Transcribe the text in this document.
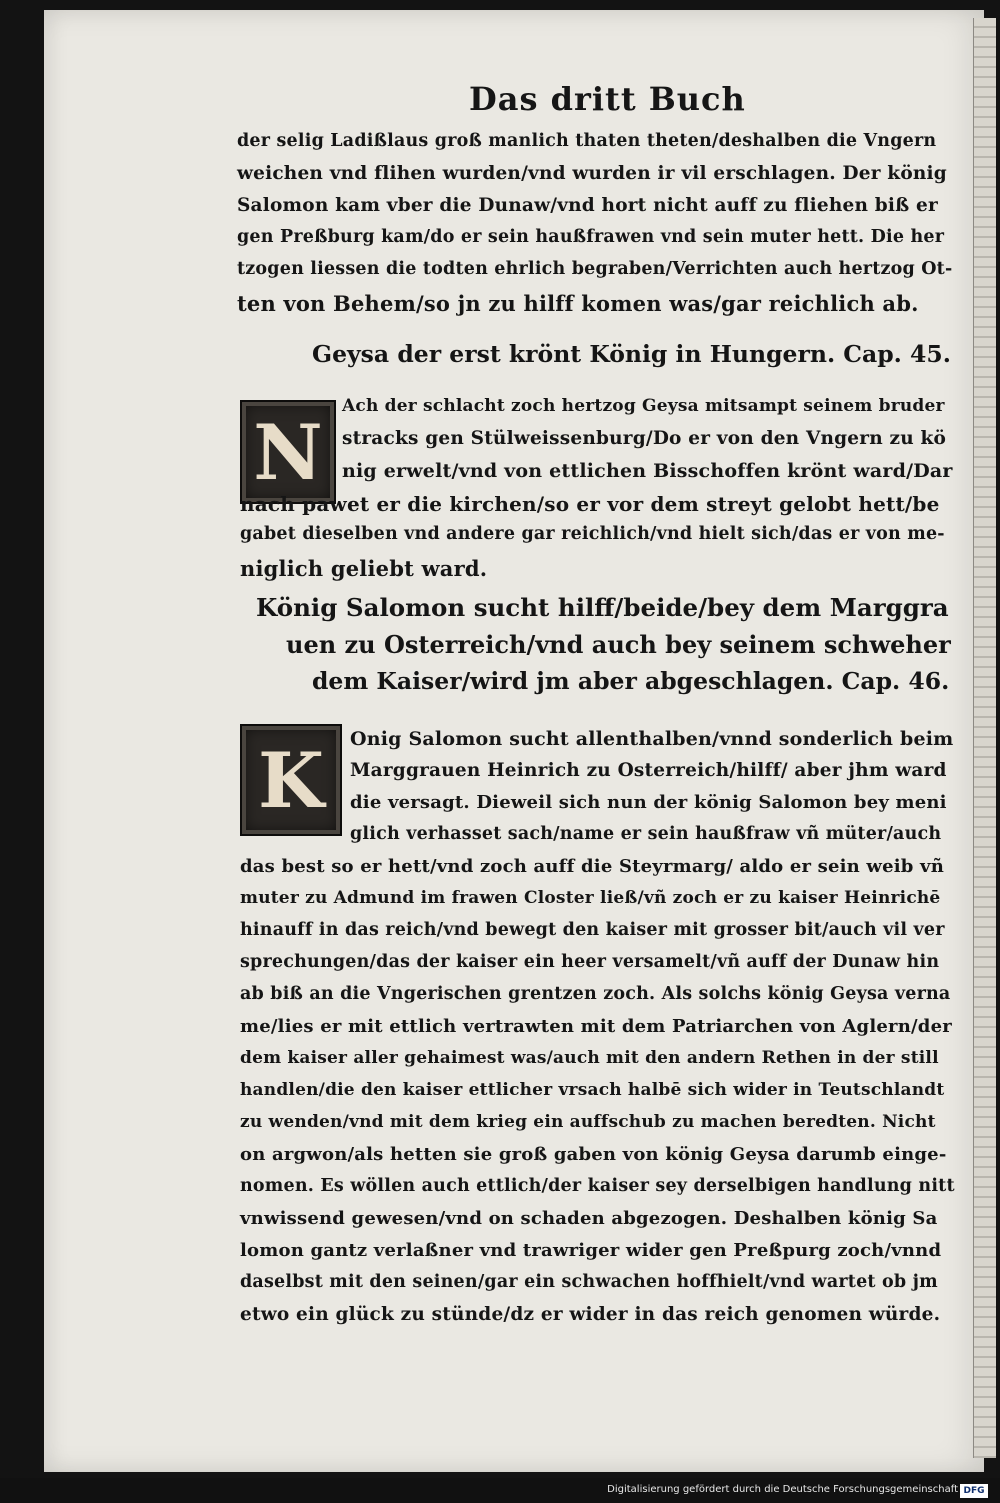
Das dritt Buch
der selig Ladißlaus groß manlich thaten theten/deshalben die Vngern
weichen vnd flihen wurden/vnd wurden ir vil erschlagen. Der könig
Salomon kam vber die Dunaw/vnd hort nicht auff zu fliehen biß er
gen Preßburg kam/do er sein haußfrawen vnd sein muter hett. Die her
tzogen liessen die todten ehrlich begraben/Verrichten auch hertzog Ot-
ten von Behem/so jn zu hilff komen was/gar reichlich ab.
Geysa der erst krönt König in Hungern. Cap. 45.
N
Ach der schlacht zoch hertzog Geysa mitsampt seinem bruder
stracks gen Stülweissenburg/Do er von den Vngern zu kö
nig erwelt/vnd von ettlichen Bisschoffen krönt ward/Dar
nach pawet er die kirchen/so er vor dem streyt gelobt hett/be
gabet dieselben vnd andere gar reichlich/vnd hielt sich/das er von me-
niglich geliebt ward.
König Salomon sucht hilff/beide/bey dem Marggra
uen zu Osterreich/vnd auch bey seinem schweher
dem Kaiser/wird jm aber abgeschlagen. Cap. 46.
K	Onig Salomon sucht allenthalben/vnnd sonderlich beim
Marggrauen Heinrich zu Osterreich/hilff/ aber jhm ward
die versagt. Dieweil sich nun der könig Salomon bey meni
glich verhasset sach/name er sein haußfraw vñ müter/auch
das best so er hett/vnd zoch auff die Steyrmarg/ aldo er sein weib vñ
muter zu Admund im frawen Closter ließ/vñ zoch er zu kaiser Heinrichē
hinauff in das reich/vnd bewegt den kaiser mit grosser bit/auch vil ver
sprechungen/das der kaiser ein heer versamelt/vñ auff der Dunaw hin
ab biß an die Vngerischen grentzen zoch. Als solchs könig Geysa verna
me/lies er mit ettlich vertrawten mit dem Patriarchen von Aglern/der
dem kaiser aller gehaimest was/auch mit den andern Rethen in der still
handlen/die den kaiser ettlicher vrsach halbē sich wider in Teutschlandt
zu wenden/vnd mit dem krieg ein auffschub zu machen beredten. Nicht
on argwon/als hetten sie groß gaben von könig Geysa darumb einge-
nomen. Es wöllen auch ettlich/der kaiser sey derselbigen handlung nitt
vnwissend gewesen/vnd on schaden abgezogen. Deshalben könig Sa
lomon gantz verlaßner vnd trawriger wider gen Preßpurg zoch/vnnd
daselbst mit den seinen/gar ein schwachen hoffhielt/vnd wartet ob jm
etwo ein glück zu stünde/dz er wider in das reich genomen würde.
Digitalisierung gefördert durch die Deutsche Forschungsgemeinschaft DFG
